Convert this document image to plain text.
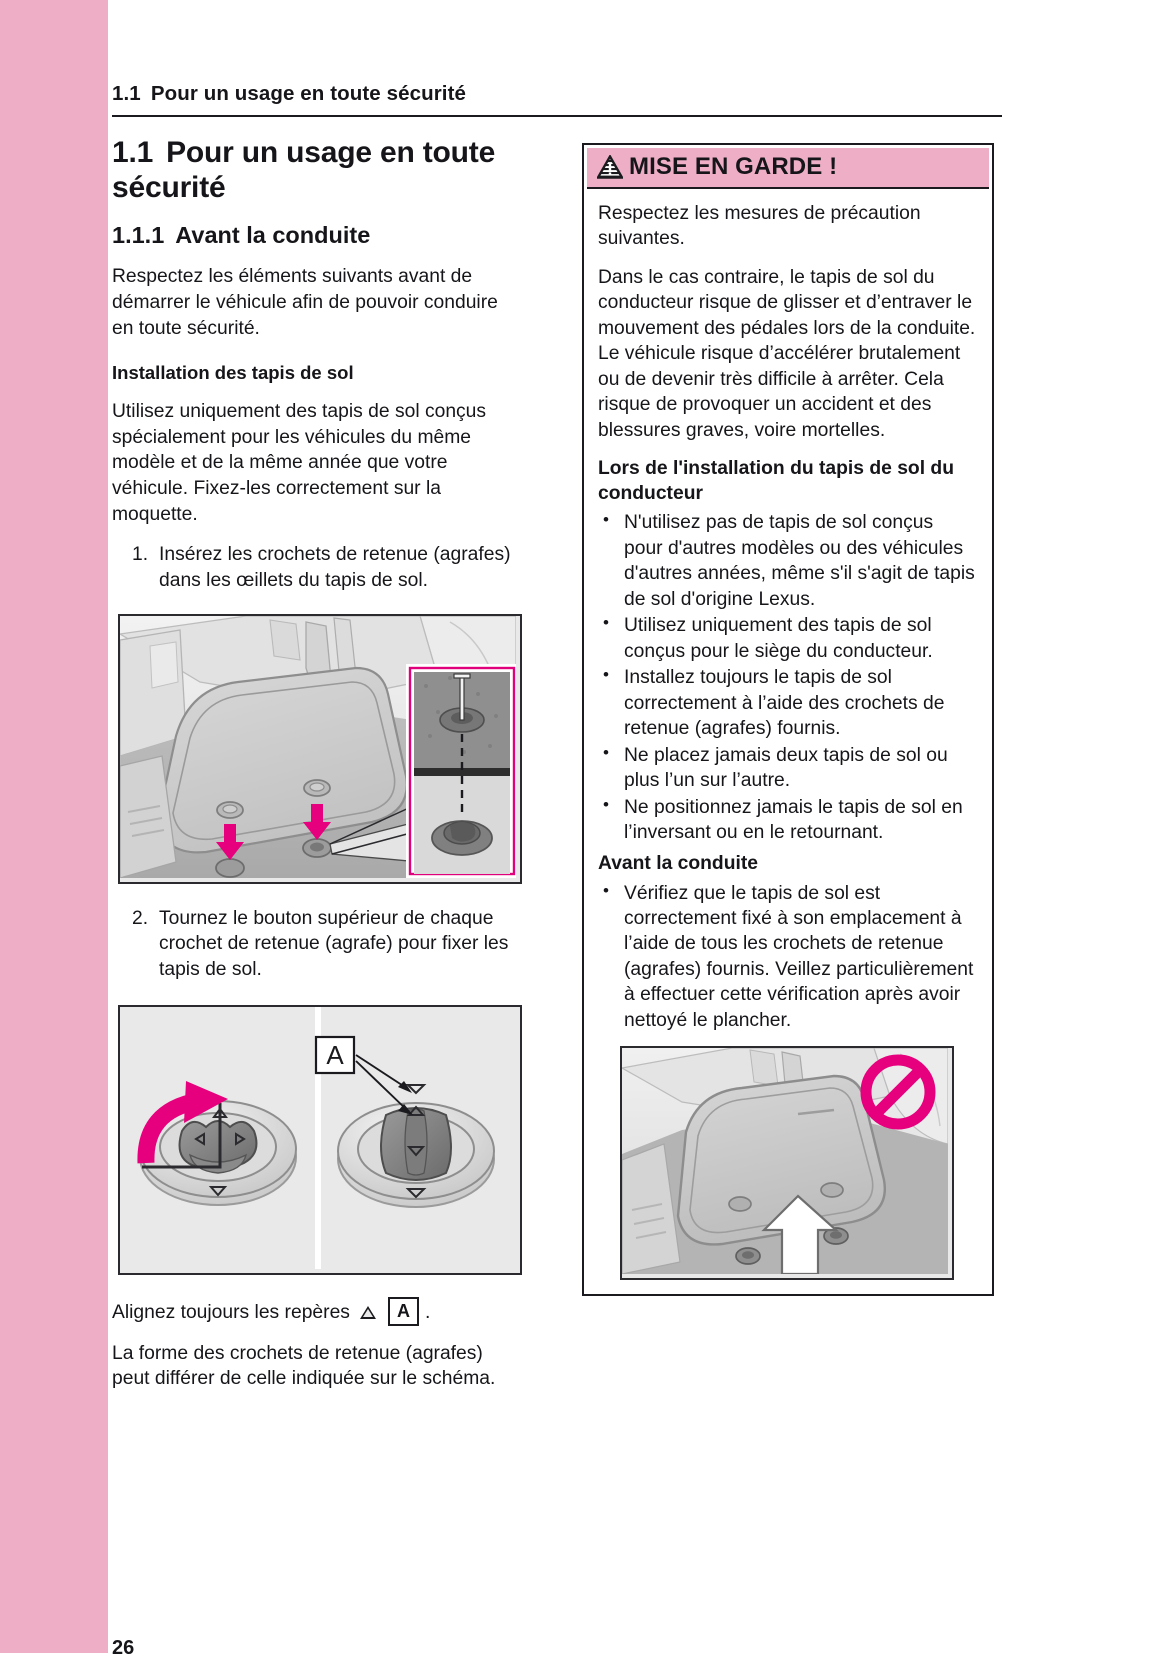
1.1 Pour un usage en toute sécurité
1.1 Pour un usage en toute sécurité
1.1.1 Avant la conduite

Respectez les éléments suivants avant de démarrer le véhicule afin de pouvoir conduire en toute sécurité.

Installation des tapis de sol

Utilisez uniquement des tapis de sol conçus spécialement pour les véhicules du même modèle et de la même année que votre véhicule. Fixez-les correctement sur la moquette.

1. Insérez les crochets de retenue (agrafes) dans les œillets du tapis de sol.
2. Tournez le bouton supérieur de chaque crochet de retenue (agrafe) pour fixer les tapis de sol.
A

Alignez toujours les repères	A .

La forme des crochets de retenue (agrafes) peut différer de celle indiquée sur le schéma.

26
MISE EN GARDE !

Respectez les mesures de précaution suivantes.

Dans le cas contraire, le tapis de sol du conducteur risque de glisser et d’entraver le mouvement des pédales lors de la conduite. Le véhicule risque d’accélérer brutalement ou de devenir très difficile à arrêter. Cela risque de provoquer un accident et des blessures graves, voire mortelles.

Lors de l'installation du tapis de sol du conducteur
• N'utilisez pas de tapis de sol conçus pour d'autres modèles ou des véhicules d'autres années, même s'il s'agit de tapis de sol d'origine Lexus.
• Utilisez uniquement des tapis de sol conçus pour le siège du conducteur.
• Installez toujours le tapis de sol correctement à l’aide des crochets de retenue (agrafes) fournis.
• Ne placez jamais deux tapis de sol ou plus l’un sur l’autre.
• Ne positionnez jamais le tapis de sol en l’inversant ou en le retournant.
Avant la conduite
• Vérifiez que le tapis de sol est correctement fixé à son emplacement à l’aide de tous les crochets de retenue (agrafes) fournis. Veillez particulièrement à effectuer cette vérification après avoir nettoyé le plancher.
